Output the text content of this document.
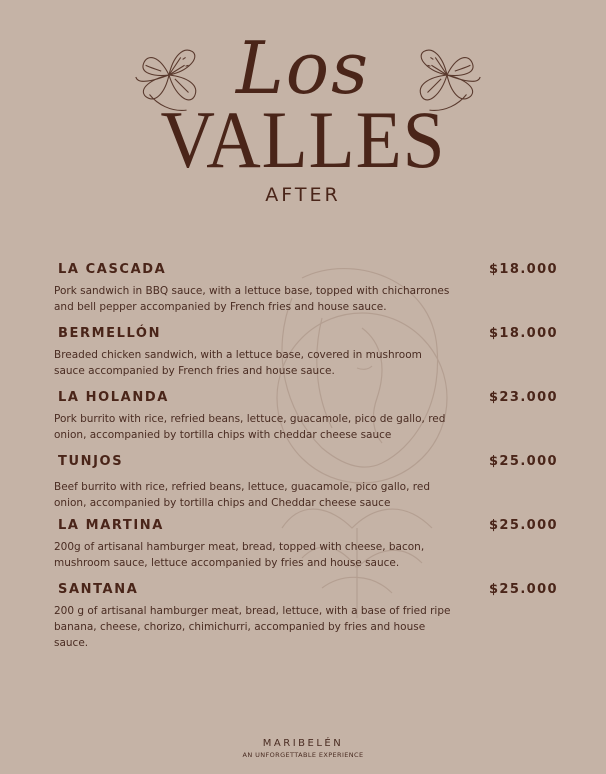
Los
VALLES
AFTER
LA CASCADA	$18.000
Pork sandwich in BBQ sauce, with a lettuce base, topped with chicharrones and bell pepper accompanied by French fries and house sauce.
BERMELLÓN	$18.000
Breaded chicken sandwich, with a lettuce base, covered in mushroom sauce accompanied by French fries and house sauce.
LA HOLANDA	$23.000
Pork burrito with rice, refried beans, lettuce, guacamole, pico de gallo, red onion, accompanied by tortilla chips with cheddar cheese sauce
TUNJOS	$25.000
Beef burrito with rice, refried beans, lettuce, guacamole, pico gallo, red onion, accompanied by tortilla chips and Cheddar cheese sauce
LA MARTINA	$25.000
200g of artisanal hamburger meat, bread, topped with cheese, bacon, mushroom sauce, lettuce accompanied by fries and house sauce.
SANTANA	$25.000
200 g of artisanal hamburger meat, bread, lettuce, with a base of fried ripe banana, cheese, chorizo, chimichurri, accompanied by fries and house sauce.
MARIBELÉN
AN UNFORGETTABLE EXPERIENCE
